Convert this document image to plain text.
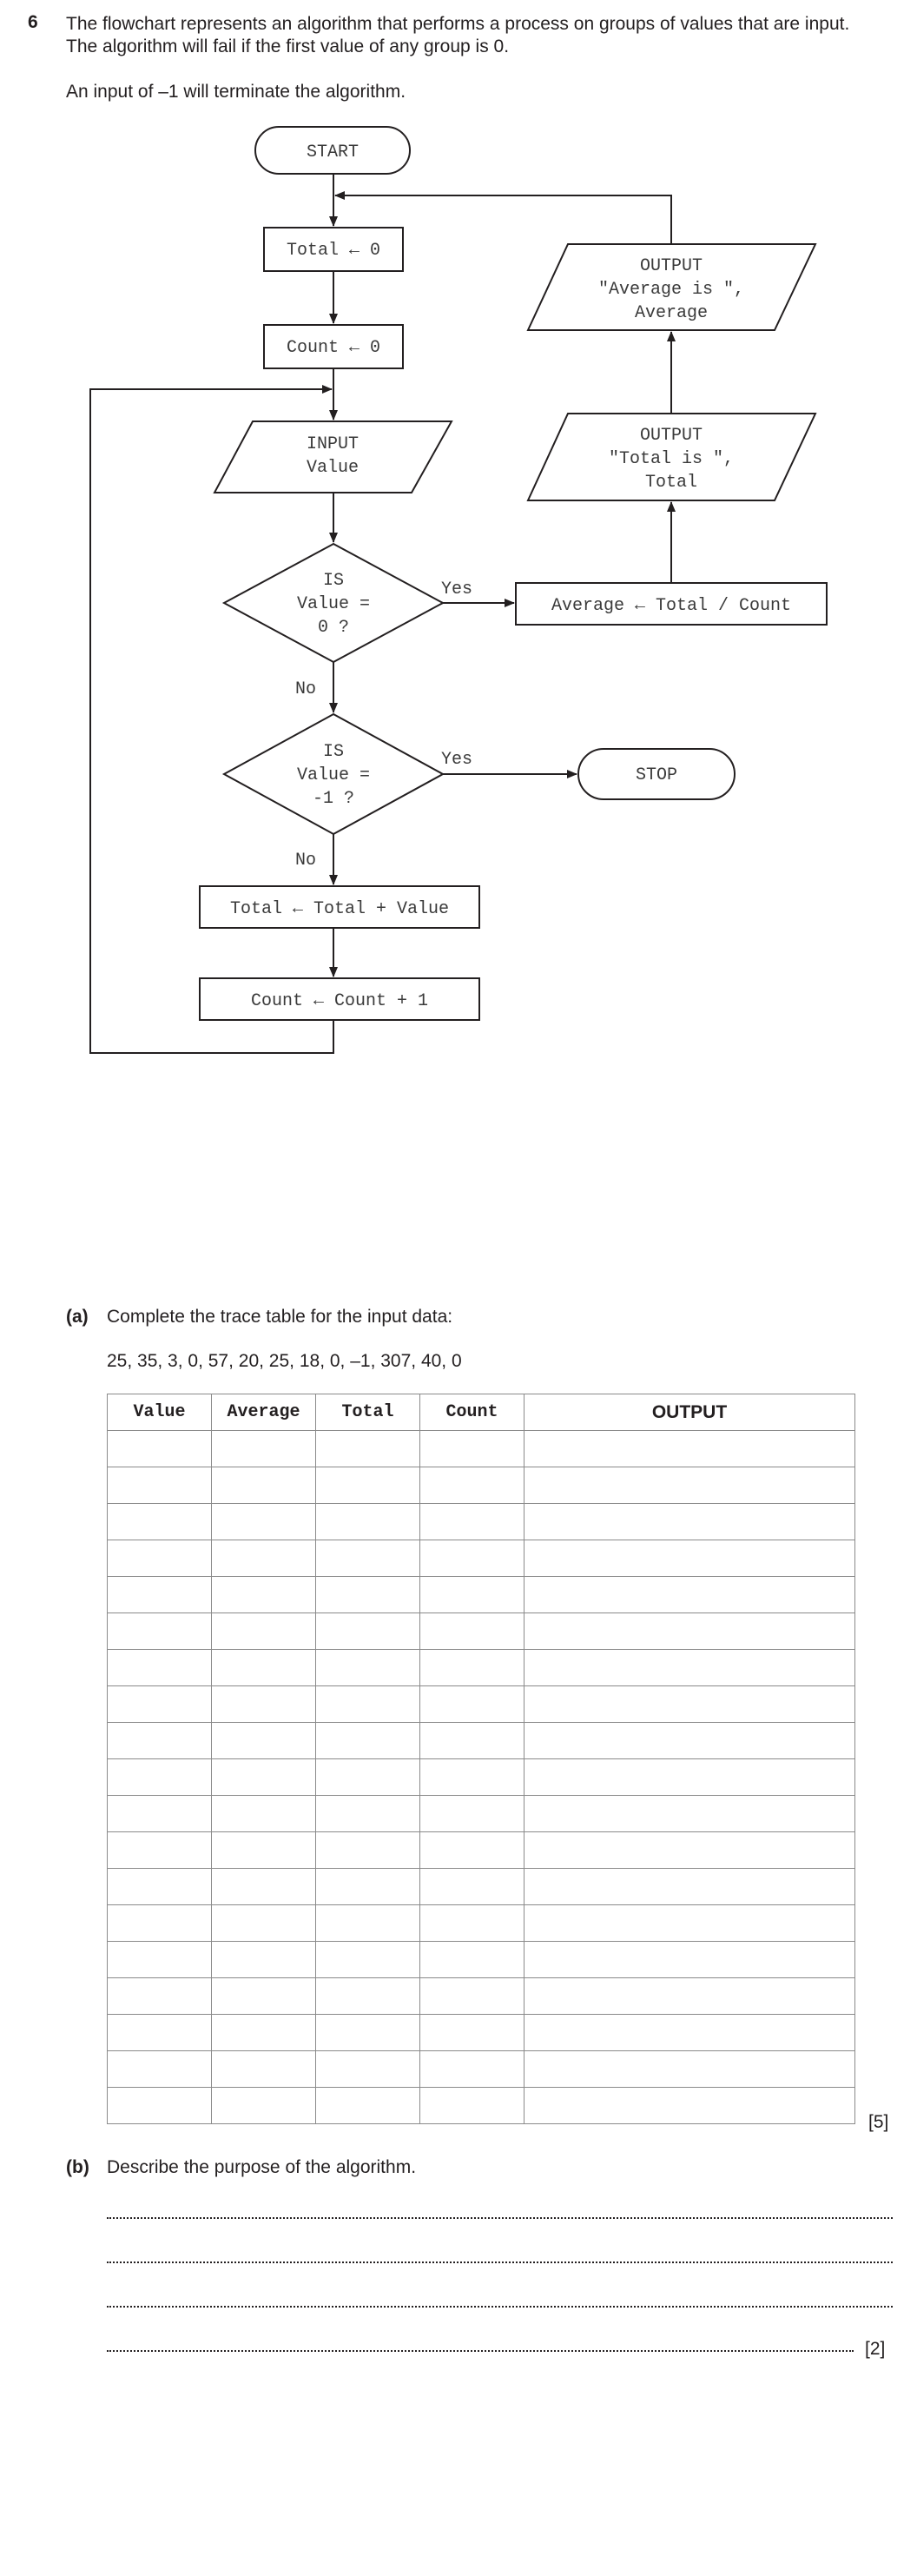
6 The flowchart represents an algorithm that performs a process on groups of values that are input.
The algorithm will fail if the first value of any group is 0.
An input of –1 will terminate the algorithm.
START
Total ← 0
Count ← 0
INPUT
Value
IS
Value =
0 ?
IS
Value =
-1 ?
Yes
Yes
No
No
Average ← Total / Count
OUTPUT
"Total is ",
Total
OUTPUT
"Average is ",
Average
STOP
Total ← Total + Value
Count ← Count + 1
(a) Complete the trace table for the input data:
25, 35, 3, 0, 57, 20, 25, 18, 0, –1, 307, 40, 0
Value	Average	Total	Count	OUTPUT

[5]
(b) Describe the purpose of the algorithm.
[2]
